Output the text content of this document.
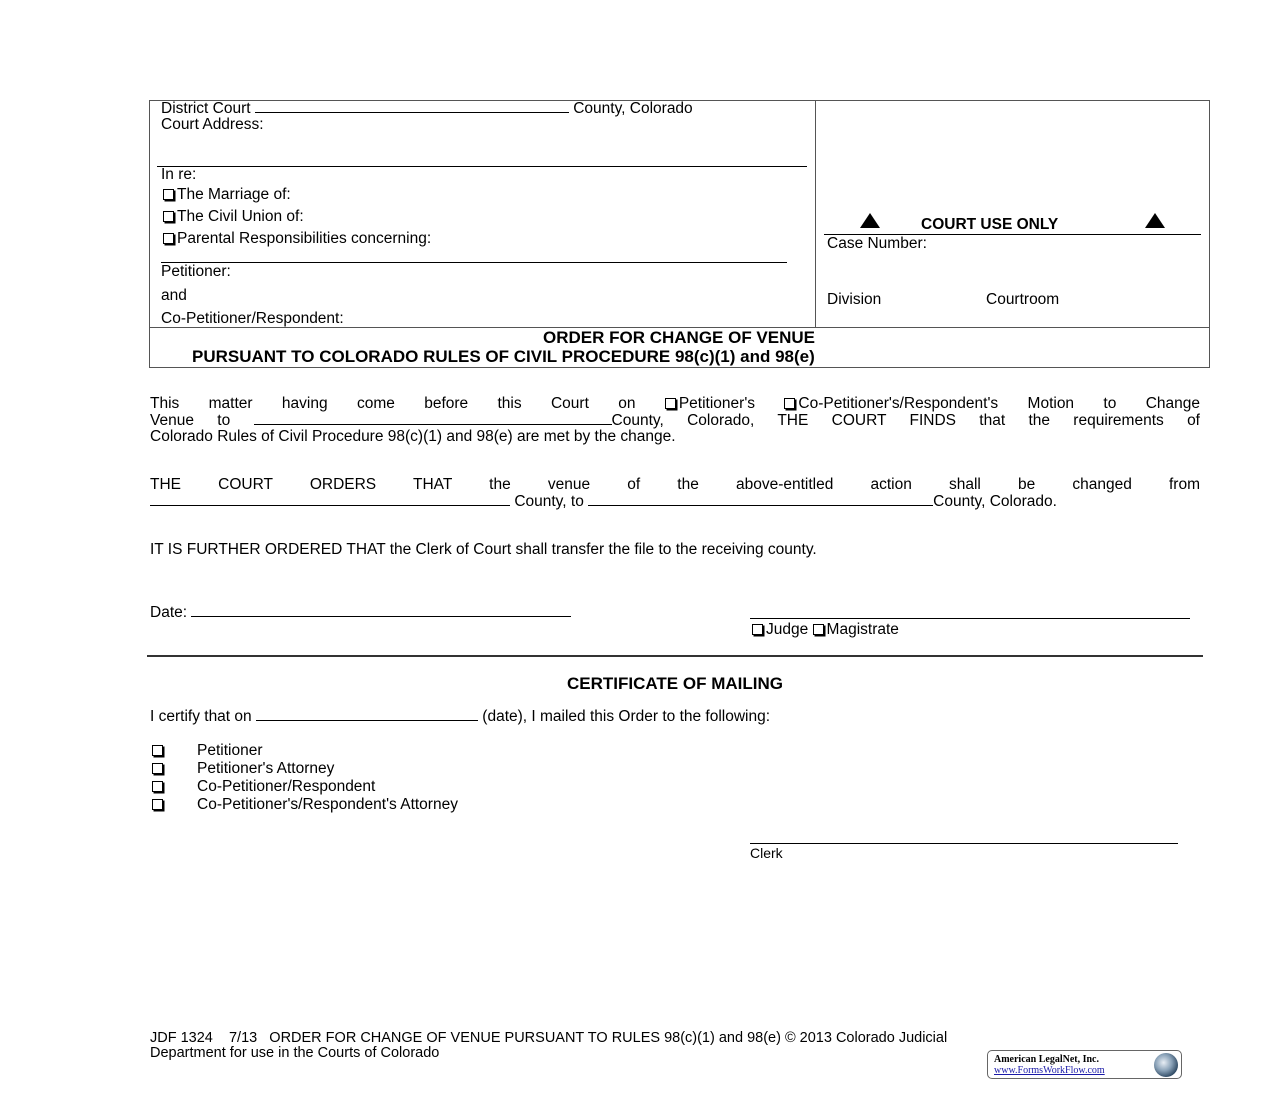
District Court	County, Colorado
Court Address:
In re:
The Marriage of:
The Civil Union of:
Parental Responsibilities concerning:
Petitioner:
and
Co-Petitioner/Respondent:
COURT USE ONLY
Case Number:
Division	Courtroom
ORDER FOR CHANGE OF VENUE
PURSUANT TO COLORADO RULES OF CIVIL PROCEDURE 98(c)(1) and 98(e)
This matter having come before this Court on	Petitioner's	Co-Petitioner's/Respondent's Motion to Change
Venue to	County, Colorado, THE COURT FINDS that the requirements of
Colorado Rules of Civil Procedure 98(c)(1) and 98(e) are met by the change.
THE COURT ORDERS THAT the venue of the above-entitled action shall be changed from
County, to	County, Colorado.
IT IS FURTHER ORDERED THAT the Clerk of Court shall transfer the file to the receiving county.
Date:
Judge Magistrate
CERTIFICATE OF MAILING
I certify that on	(date), I mailed this Order to the following:
Petitioner
Petitioner's Attorney
Co-Petitioner/Respondent
Co-Petitioner's/Respondent's Attorney
Clerk
JDF 1324    7/13   ORDER FOR CHANGE OF VENUE PURSUANT TO RULES 98(c)(1) and 98(e) © 2013 Colorado Judicial
Department for use in the Courts of Colorado	American LegalNet, Inc.
www.FormsWorkFlow.com
